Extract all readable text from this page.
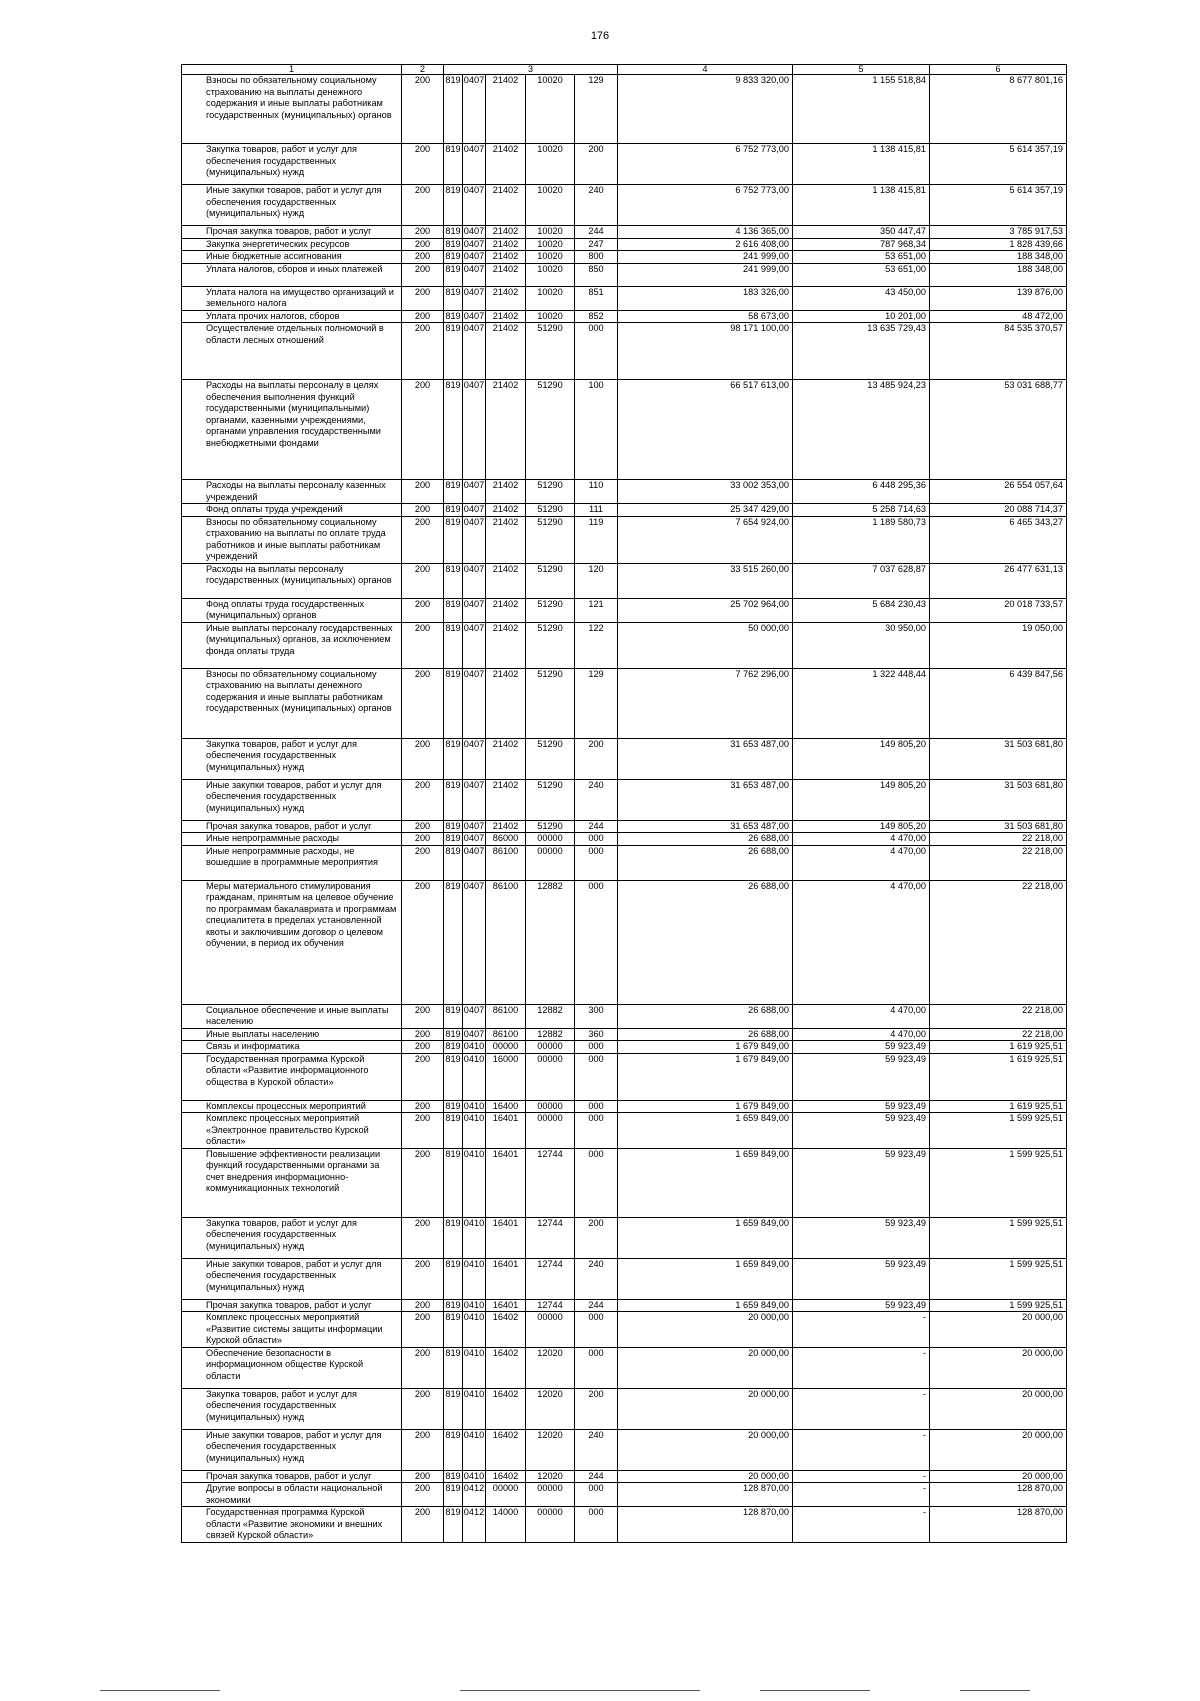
176
1	2	3					4	5	6
Взносы по обязательному социальному страхованию на выплаты денежного содержания и иные выплаты работникам государственных (муниципальных) органов	200	819	0407	21402	10020	129	9 833 320,00	1 155 518,84	8 677 801,16
Закупка товаров, работ и услуг для обеспечения государственных (муниципальных) нужд	200	819	0407	21402	10020	200	6 752 773,00	1 138 415,81	5 614 357,19
Иные закупки товаров, работ и услуг для обеспечения государственных (муниципальных) нужд	200	819	0407	21402	10020	240	6 752 773,00	1 138 415,81	5 614 357,19
Прочая закупка товаров, работ и услуг	200	819	0407	21402	10020	244	4 136 365,00	350 447,47	3 785 917,53
Закупка энергетических ресурсов	200	819	0407	21402	10020	247	2 616 408,00	787 968,34	1 828 439,66
Иные бюджетные ассигнования	200	819	0407	21402	10020	800	241 999,00	53 651,00	188 348,00
Уплата налогов, сборов и иных платежей	200	819	0407	21402	10020	850	241 999,00	53 651,00	188 348,00
Уплата налога на имущество организаций и земельного налога	200	819	0407	21402	10020	851	183 326,00	43 450,00	139 876,00
Уплата прочих налогов, сборов	200	819	0407	21402	10020	852	58 673,00	10 201,00	48 472,00
Осуществление отдельных полномочий в области лесных отношений	200	819	0407	21402	51290	000	98 171 100,00	13 635 729,43	84 535 370,57
Расходы на выплаты персоналу в целях обеспечения выполнения функций государственными (муниципальными) органами, казенными учреждениями, органами управления государственными внебюджетными фондами	200	819	0407	21402	51290	100	66 517 613,00	13 485 924,23	53 031 688,77
Расходы на выплаты персоналу казенных учреждений	200	819	0407	21402	51290	110	33 002 353,00	6 448 295,36	26 554 057,64
Фонд оплаты труда учреждений	200	819	0407	21402	51290	111	25 347 429,00	5 258 714,63	20 088 714,37
Взносы по обязательному социальному страхованию на выплаты по оплате труда работников и иные выплаты работникам учреждений	200	819	0407	21402	51290	119	7 654 924,00	1 189 580,73	6 465 343,27
Расходы на выплаты персоналу государственных (муниципальных) органов	200	819	0407	21402	51290	120	33 515 260,00	7 037 628,87	26 477 631,13
Фонд оплаты труда государственных (муниципальных) органов	200	819	0407	21402	51290	121	25 702 964,00	5 684 230,43	20 018 733,57
Иные выплаты персоналу государственных (муниципальных) органов, за исключением фонда оплаты труда	200	819	0407	21402	51290	122	50 000,00	30 950,00	19 050,00
Взносы по обязательному социальному страхованию на выплаты денежного содержания и иные выплаты работникам государственных (муниципальных) органов	200	819	0407	21402	51290	129	7 762 296,00	1 322 448,44	6 439 847,56
Закупка товаров, работ и услуг для обеспечения государственных (муниципальных) нужд	200	819	0407	21402	51290	200	31 653 487,00	149 805,20	31 503 681,80
Иные закупки товаров, работ и услуг для обеспечения государственных (муниципальных) нужд	200	819	0407	21402	51290	240	31 653 487,00	149 805,20	31 503 681,80
Прочая закупка товаров, работ и услуг	200	819	0407	21402	51290	244	31 653 487,00	149 805,20	31 503 681,80
Иные непрограммные расходы	200	819	0407	86000	00000	000	26 688,00	4 470,00	22 218,00
Иные непрограммные расходы, не вошедшие в программные мероприятия	200	819	0407	86100	00000	000	26 688,00	4 470,00	22 218,00
Меры материального стимулирования гражданам, принятым на целевое обучение по программам бакалавриата и программам специалитета в пределах установленной квоты и заключившим договор о целевом обучении, в период их обучения	200	819	0407	86100	12882	000	26 688,00	4 470,00	22 218,00
Социальное обеспечение и иные выплаты населению	200	819	0407	86100	12882	300	26 688,00	4 470,00	22 218,00
Иные выплаты населению	200	819	0407	86100	12882	360	26 688,00	4 470,00	22 218,00
Связь и информатика	200	819	0410	00000	00000	000	1 679 849,00	59 923,49	1 619 925,51
Государственная программа Курской области «Развитие информационного общества в Курской области»	200	819	0410	16000	00000	000	1 679 849,00	59 923,49	1 619 925,51
Комплексы процессных мероприятий	200	819	0410	16400	00000	000	1 679 849,00	59 923,49	1 619 925,51
Комплекс процессных мероприятий «Электронное правительство Курской области»	200	819	0410	16401	00000	000	1 659 849,00	59 923,49	1 599 925,51
Повышение эффективности реализации функций государственными органами за счет внедрения информационно-коммуникационных технологий	200	819	0410	16401	12744	000	1 659 849,00	59 923,49	1 599 925,51
Закупка товаров, работ и услуг для обеспечения государственных (муниципальных) нужд	200	819	0410	16401	12744	200	1 659 849,00	59 923,49	1 599 925,51
Иные закупки товаров, работ и услуг для обеспечения государственных (муниципальных) нужд	200	819	0410	16401	12744	240	1 659 849,00	59 923,49	1 599 925,51
Прочая закупка товаров, работ и услуг	200	819	0410	16401	12744	244	1 659 849,00	59 923,49	1 599 925,51
Комплекс процессных мероприятий «Развитие системы защиты информации Курской области»	200	819	0410	16402	00000	000	20 000,00	-	20 000,00
Обеспечение безопасности в информационном обществе Курской области	200	819	0410	16402	12020	000	20 000,00	-	20 000,00
Закупка товаров, работ и услуг для обеспечения государственных (муниципальных) нужд	200	819	0410	16402	12020	200	20 000,00	-	20 000,00
Иные закупки товаров, работ и услуг для обеспечения государственных (муниципальных) нужд	200	819	0410	16402	12020	240	20 000,00	-	20 000,00
Прочая закупка товаров, работ и услуг	200	819	0410	16402	12020	244	20 000,00	-	20 000,00
Другие вопросы в области национальной экономики	200	819	0412	00000	00000	000	128 870,00	-	128 870,00
Государственная программа Курской области «Развитие экономики и внешних связей Курской области»	200	819	0412	14000	00000	000	128 870,00	-	128 870,00
